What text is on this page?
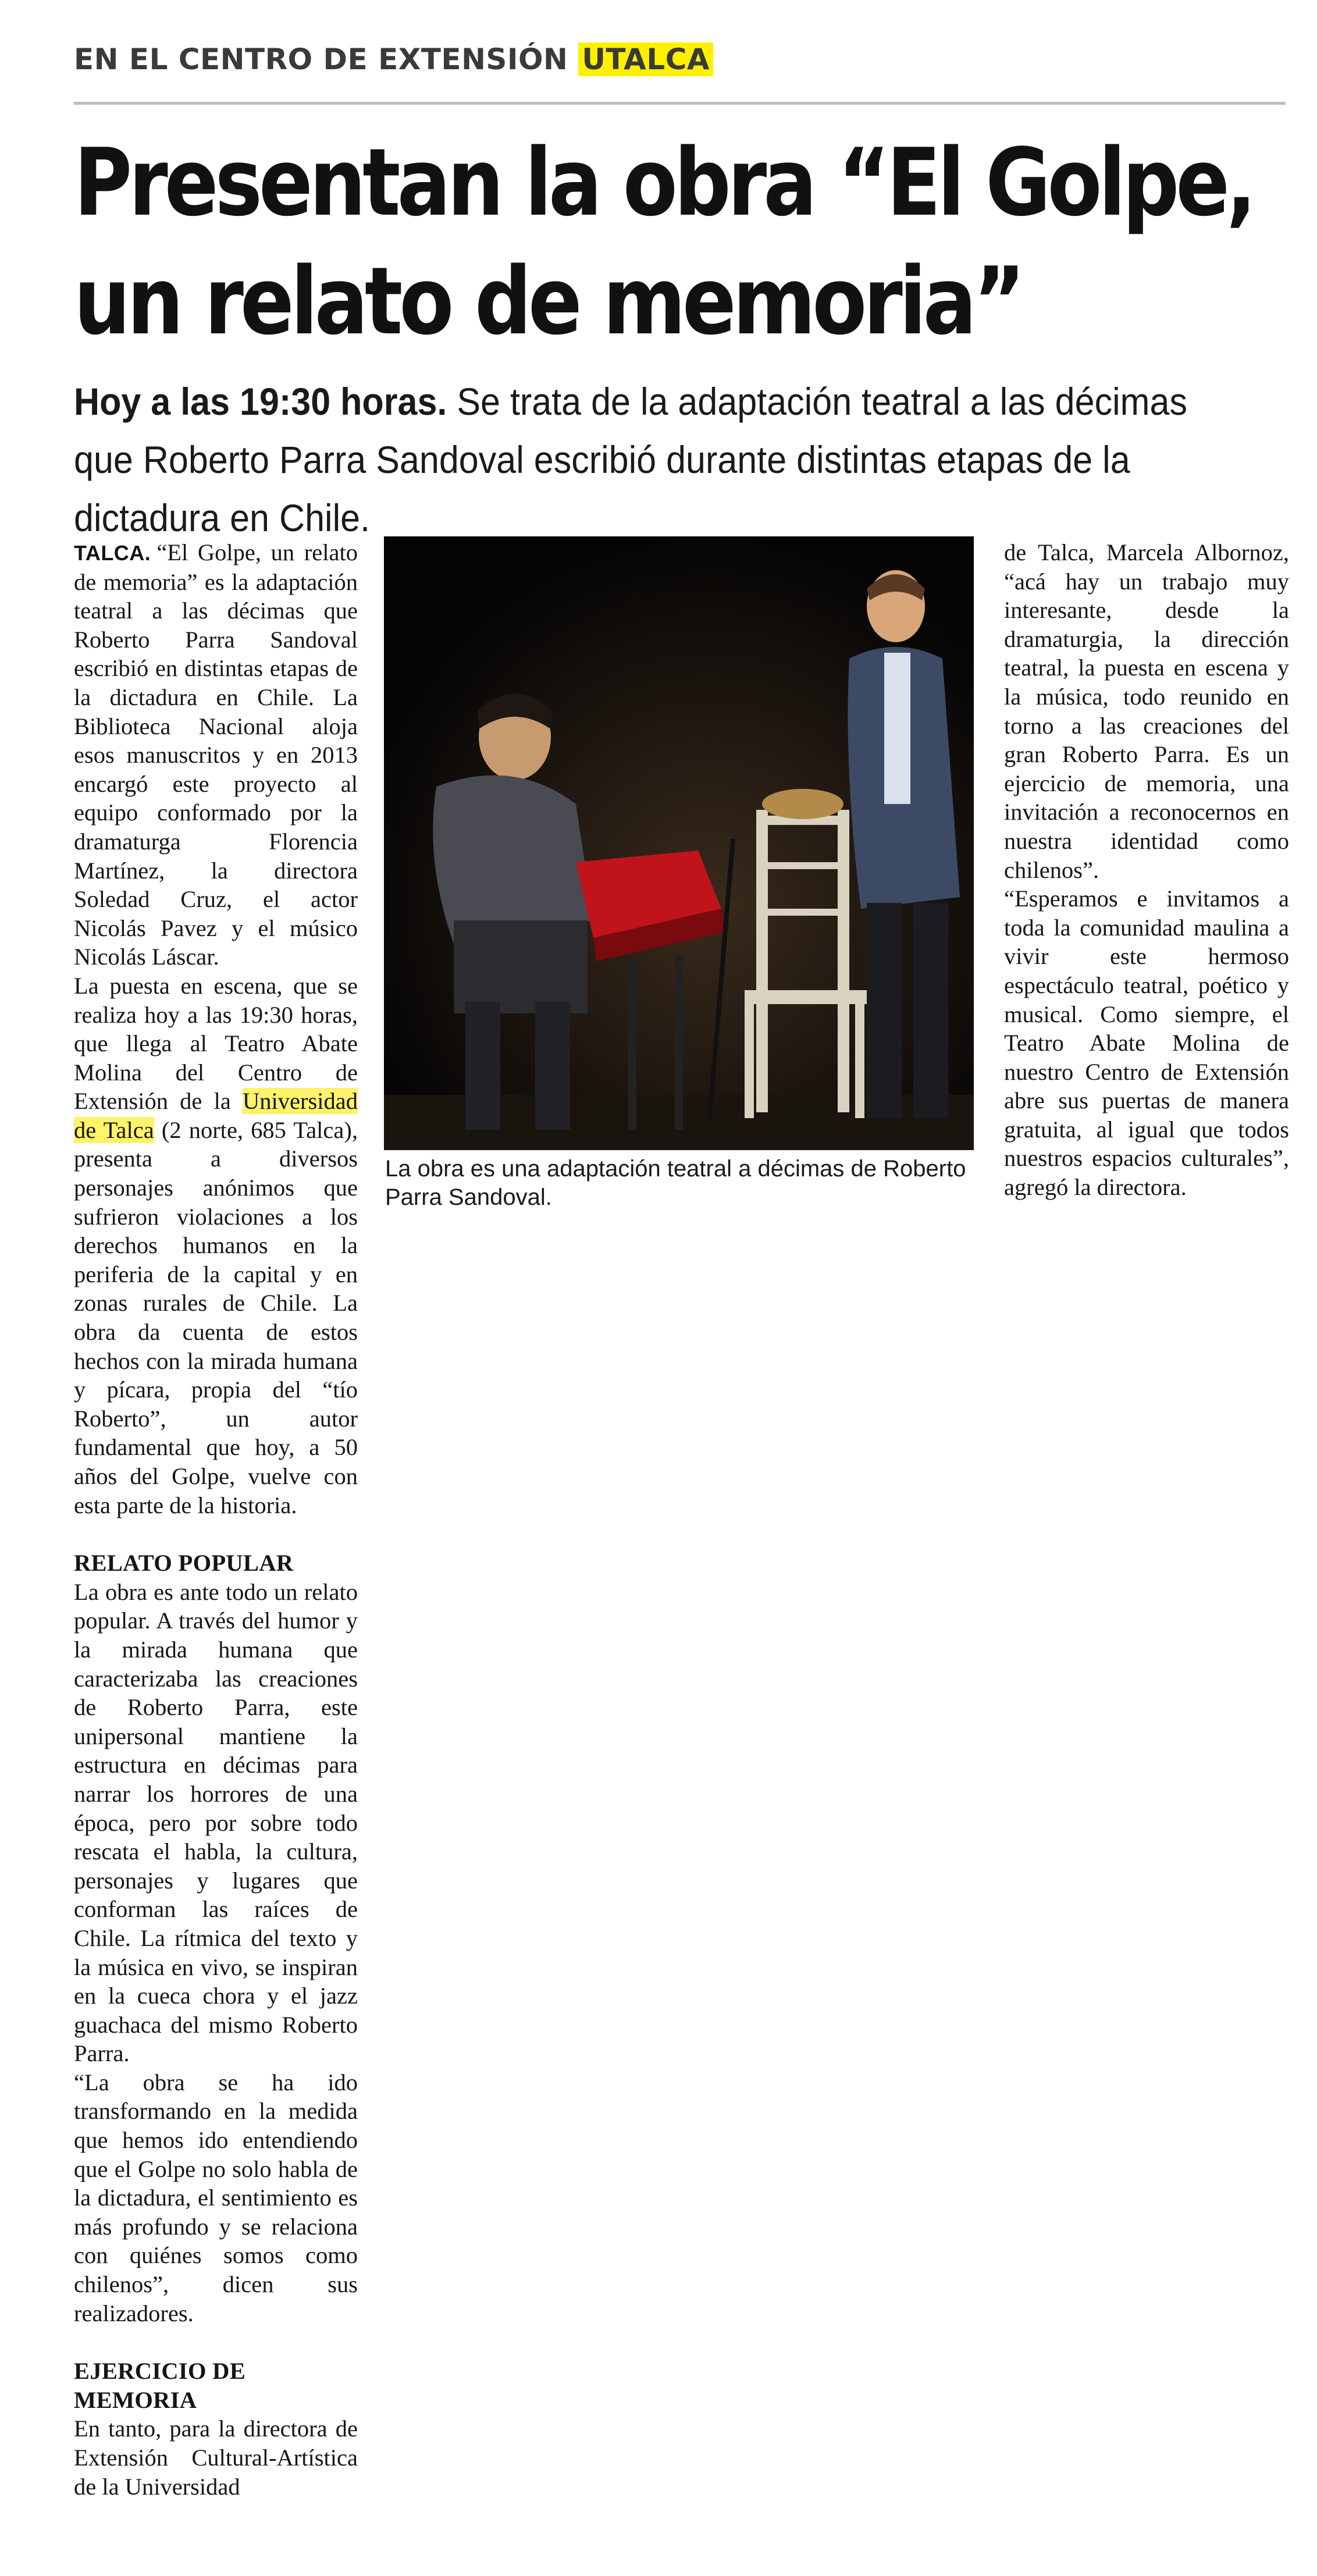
EN EL CENTRO DE EXTENSIÓN UTALCA
Presentan la obra “El Golpe,
un relato de memoria”
Hoy a las 19:30 horas. Se trata de la adaptación teatral a las décimas que Roberto Parra Sandoval escribió durante distintas etapas de la dictadura en Chile.

TALCA. “El Golpe, un relato de memoria” es la adaptación teatral a las décimas que Roberto Parra Sandoval escribió en distintas etapas de la dictadura en Chile. La Biblioteca Nacional aloja esos manuscritos y en 2013 encargó este proyecto al equipo conformado por la dramaturga Florencia Martínez, la directora Soledad Cruz, el actor Nicolás Pavez y el músico Nicolás Láscar.

La puesta en escena, que se realiza hoy a las 19:30 horas, que llega al Teatro Abate Molina del Centro de Extensión de la Universidad de Talca (2 norte, 685 Talca), presenta a diversos personajes anónimos que sufrieron violaciones a los derechos humanos en la periferia de la capital y en zonas rurales de Chile. La obra da cuenta de estos hechos con la mirada humana y pícara, propia del “tío Roberto”, un autor fundamental que hoy, a 50 años del Golpe, vuelve con esta parte de la historia.

RELATO POPULAR

La obra es ante todo un relato popular. A través del humor y la mirada humana que caracterizaba las creaciones de Roberto Parra, este unipersonal mantiene la estructura en décimas para narrar los horrores de una época, pero por sobre todo rescata el habla, la cultura, personajes y lugares que conforman las raíces de Chile. La rítmica del texto y la música en vivo, se inspiran en la cueca chora y el jazz guachaca del mismo Roberto Parra.

“La obra se ha ido transformando en la medida que hemos ido entendiendo que el Golpe no solo habla de la dictadura, el sentimiento es más profundo y se relaciona con quiénes somos como chilenos”, dicen sus realizadores.

EJERCICIO DE MEMORIA

En tanto, para la directora de Extensión Cultural-Artística de la Universidad

La obra es una adaptación teatral a décimas de Roberto Parra Sandoval.

de Talca, Marcela Albornoz, “acá hay un trabajo muy interesante, desde la dramaturgia, la dirección teatral, la puesta en escena y la música, todo reunido en torno a las creaciones del gran Roberto Parra. Es un ejercicio de memoria, una invitación a reconocernos en nuestra identidad como chilenos”.

“Esperamos e invitamos a toda la comunidad maulina a vivir este hermoso espectáculo teatral, poético y musical. Como siempre, el Teatro Abate Molina de nuestro Centro de Extensión abre sus puertas de manera gratuita, al igual que todos nuestros espacios culturales”, agregó la directora.
